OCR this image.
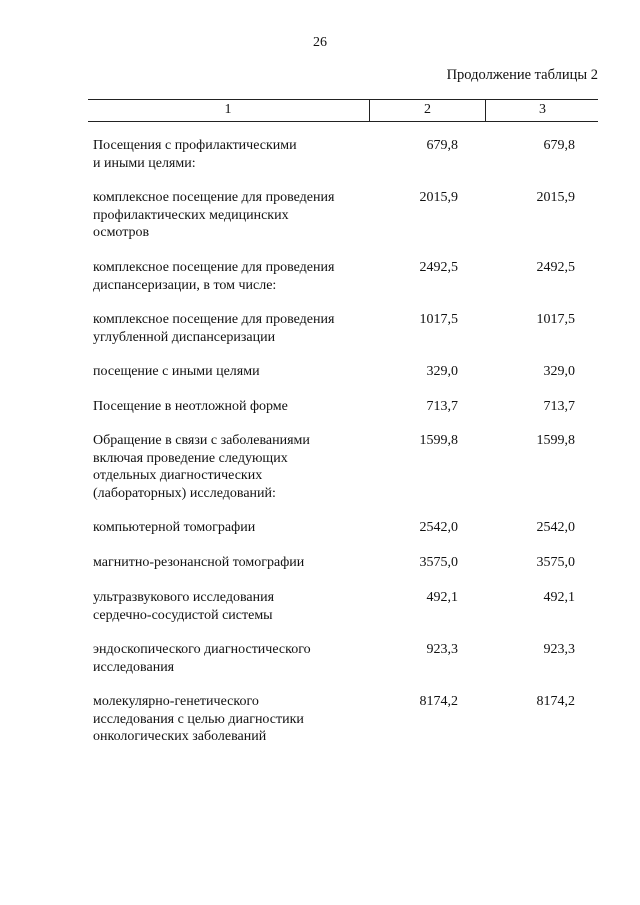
26
Продолжение таблицы 2
1	2	3
Посещения с профилактическими
и иными целями:
679,8	679,8
комплексное посещение для проведения
профилактических медицинских
осмотров
2015,9	2015,9
комплексное посещение для проведения
диспансеризации, в том числе:
2492,5	2492,5
комплексное посещение для проведения
углубленной диспансеризации
1017,5	1017,5
посещение с иными целями	329,0	329,0
Посещение в неотложной форме	713,7	713,7
Обращение в связи с заболеваниями
включая проведение следующих
отдельных диагностических
(лабораторных) исследований:
1599,8	1599,8
компьютерной томографии	2542,0	2542,0
магнитно-резонансной томографии	3575,0	3575,0
ультразвукового исследования
сердечно-сосудистой системы
492,1	492,1
эндоскопического диагностического
исследования
923,3	923,3
молекулярно-генетического
исследования с целью диагностики
онкологических заболеваний
8174,2	8174,2
